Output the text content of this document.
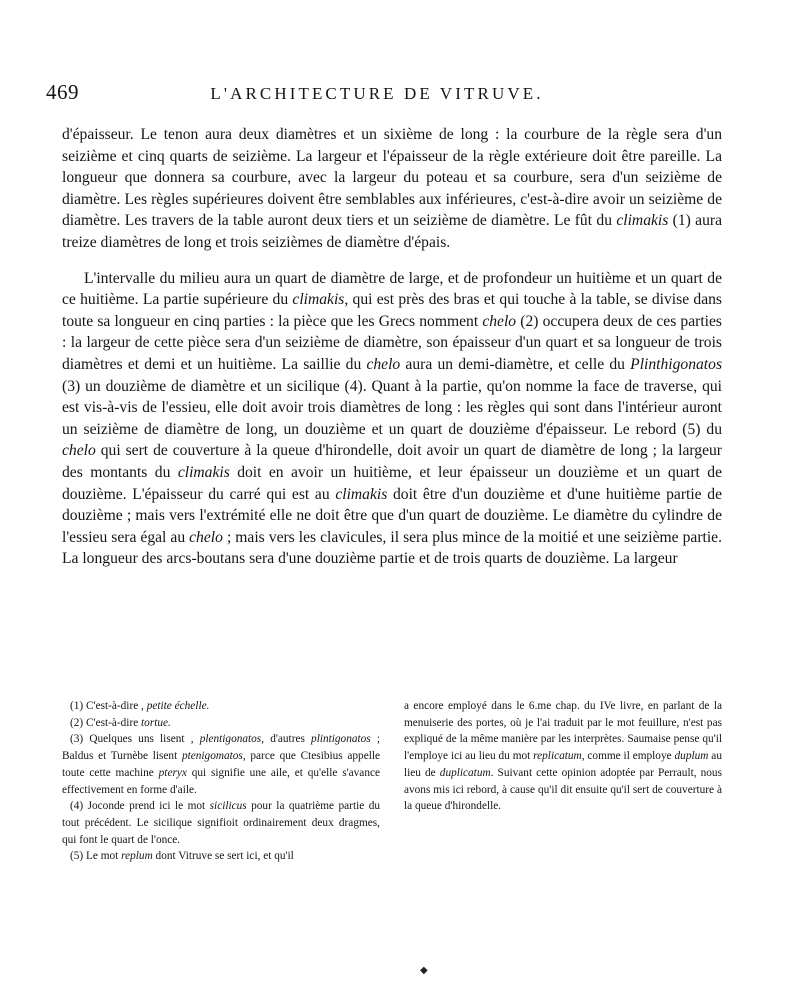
469	L'ARCHITECTURE DE VITRUVE.

d'épaisseur. Le tenon aura deux diamètres et un sixième de long : la courbure de la règle sera d'un seizième et cinq quarts de seizième. La largeur et l'épaisseur de la règle extérieure doit être pareille. La longueur que donnera sa courbure, avec la largeur du poteau et sa courbure, sera d'un seizième de diamètre. Les règles supérieures doivent être semblables aux inférieures, c'est-à-dire avoir un seizième de diamètre. Les travers de la table auront deux tiers et un seizième de diamètre. Le fût du climakis (1) aura treize diamètres de long et trois seizièmes de diamètre d'épais.

L'intervalle du milieu aura un quart de diamètre de large, et de profondeur un huitième et un quart de ce huitième. La partie supérieure du climakis, qui est près des bras et qui touche à la table, se divise dans toute sa longueur en cinq parties : la pièce que les Grecs nomment chelo (2) occupera deux de ces parties : la largeur de cette pièce sera d'un seizième de diamètre, son épaisseur d'un quart et sa longueur de trois diamètres et demi et un huitième. La saillie du chelo aura un demi-diamètre, et celle du Plinthigonatos (3) un douzième de diamètre et un sicilique (4). Quant à la partie, qu'on nomme la face de traverse, qui est vis-à-vis de l'essieu, elle doit avoir trois diamètres de long : les règles qui sont dans l'intérieur auront un seizième de diamètre de long, un douzième et un quart de douzième d'épaisseur. Le rebord (5) du chelo qui sert de couverture à la queue d'hirondelle, doit avoir un quart de diamètre de long ; la largeur des montants du climakis doit en avoir un huitième, et leur épaisseur un douzième et un quart de douzième. L'épaisseur du carré qui est au climakis doit être d'un douzième et d'une huitième partie de douzième ; mais vers l'extrémité elle ne doit être que d'un quart de douzième. Le diamètre du cylindre de l'essieu sera égal au chelo ; mais vers les clavicules, il sera plus mince de la moitié et une seizième partie. La longueur des arcs-boutans sera d'une douzième partie et de trois quarts de douzième. La largeur

(1) C'est-à-dire , petite échelle.

(2) C'est-à-dire tortue.

(3) Quelques uns lisent , plentigonatos, d'autres plintigonatos ; Baldus et Turnèbe lisent ptenigomatos, parce que Ctesibius appelle toute cette machine pteryx qui signifie une aile, et qu'elle s'avance effectivement en forme d'aile.

(4) Joconde prend ici le mot sicilicus pour la quatrième partie du tout précédent. Le sicilique signifioit ordinairement deux dragmes, qui font le quart de l'once.

(5) Le mot replum dont Vitruve se sert ici, et qu'il

a encore employé dans le 6.me chap. du IVe livre, en parlant de la menuiserie des portes, où je l'ai traduit par le mot feuillure, n'est pas expliqué de la même manière par les interprètes. Saumaise pense qu'il l'employe ici au lieu du mot replicatum, comme il employe duplum au lieu de duplicatum. Suivant cette opinion adoptée par Perrault, nous avons mis ici rebord, à cause qu'il dit ensuite qu'il sert de couverture à la queue d'hirondelle.

◆
